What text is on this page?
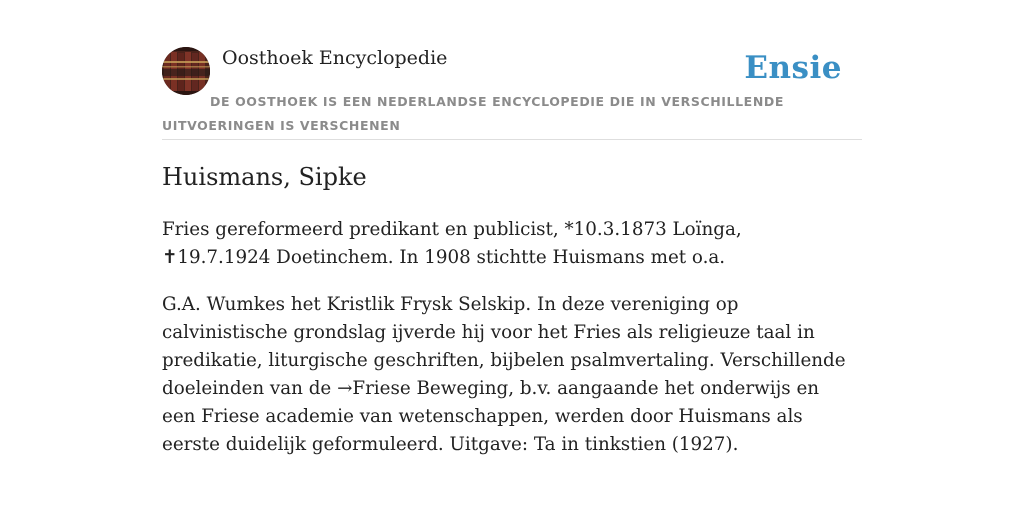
Oosthoek Encyclopedie	Ensie
DE OOSTHOEK IS EEN NEDERLANDSE ENCYCLOPEDIE DIE IN VERSCHILLENDE UITVOERINGEN IS VERSCHENEN
Huismans, Sipke

Fries gereformeerd predikant en publicist, *10.3.1873 Loïnga, ✝19.7.1924 Doetinchem. In 1908 stichtte Huismans met o.a.

G.A. Wumkes het Kristlik Frysk Selskip. In deze vereniging op calvinistische grondslag ijverde hij voor het Fries als religieuze taal in predikatie, liturgische geschriften, bijbelen psalmvertaling. Verschillende doeleinden van de →Friese Beweging, b.v. aangaande het onderwijs en een Friese academie van wetenschappen, werden door Huismans als eerste duidelijk geformuleerd. Uitgave: Ta in tinkstien (1927).
